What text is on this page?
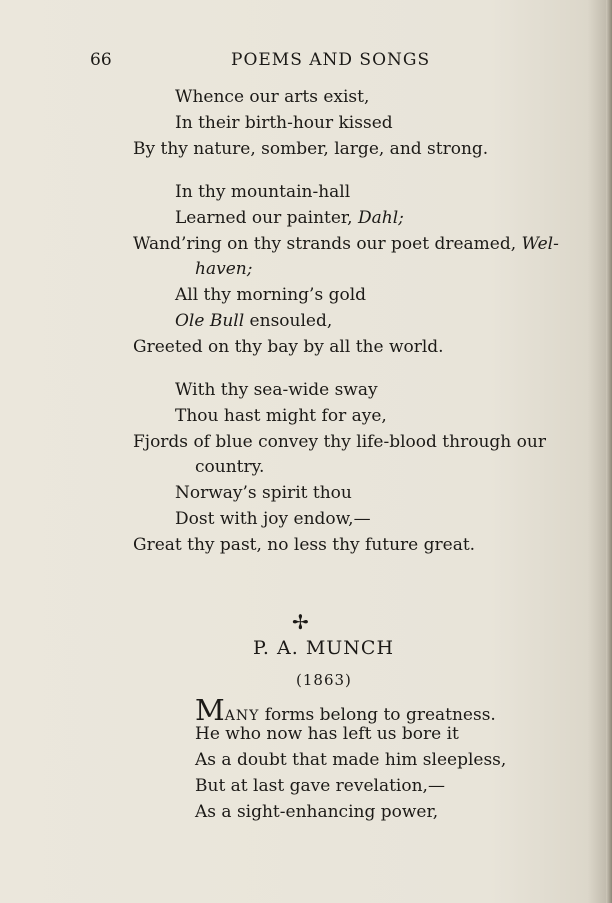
66	POEMS AND SONGS
Whence our arts exist,
In their birth-hour kissed
By thy nature, somber, large, and strong.
In thy mountain-hall
Learned our painter, Dahl;
Wand’ring on thy strands our poet dreamed, Wel-
haven;
All thy morning’s gold
Ole Bull ensouled,
Greeted on thy bay by all the world.
With thy sea-wide sway
Thou hast might for aye,
Fjords of blue convey thy life-blood through our
country.
Norway’s spirit thou
Dost with joy endow,—
Great thy past, no less thy future great.
✢
P. A. MUNCH
(1863)
MANY forms belong to greatness.
He who now has left us bore it
As a doubt that made him sleepless,
But at last gave revelation,—
As a sight-enhancing power,
